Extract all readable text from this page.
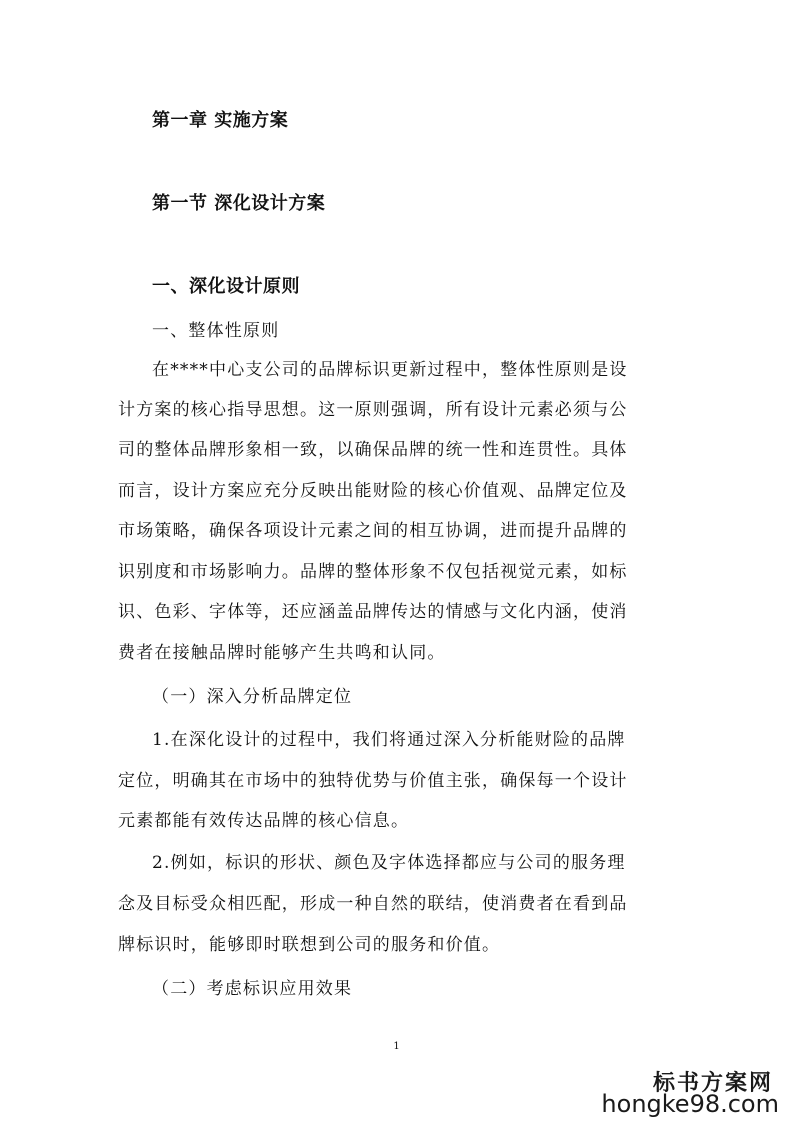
第一章 实施方案
第一节 深化设计方案
一、深化设计原则
一、整体性原则
在****中心支公司的品牌标识更新过程中，整体性原则是设
计方案的核心指导思想。这一原则强调，所有设计元素必须与公
司的整体品牌形象相一致，以确保品牌的统一性和连贯性。具体
而言，设计方案应充分反映出能财险的核心价值观、品牌定位及
市场策略，确保各项设计元素之间的相互协调，进而提升品牌的
识别度和市场影响力。品牌的整体形象不仅包括视觉元素，如标
识、色彩、字体等，还应涵盖品牌传达的情感与文化内涵，使消
费者在接触品牌时能够产生共鸣和认同。
（一）深入分析品牌定位
1.在深化设计的过程中，我们将通过深入分析能财险的品牌
定位，明确其在市场中的独特优势与价值主张，确保每一个设计
元素都能有效传达品牌的核心信息。
2.例如，标识的形状、颜色及字体选择都应与公司的服务理
念及目标受众相匹配，形成一种自然的联结，使消费者在看到品
牌标识时，能够即时联想到公司的服务和价值。
（二）考虑标识应用效果
1
标书方案网
hongke98.com
